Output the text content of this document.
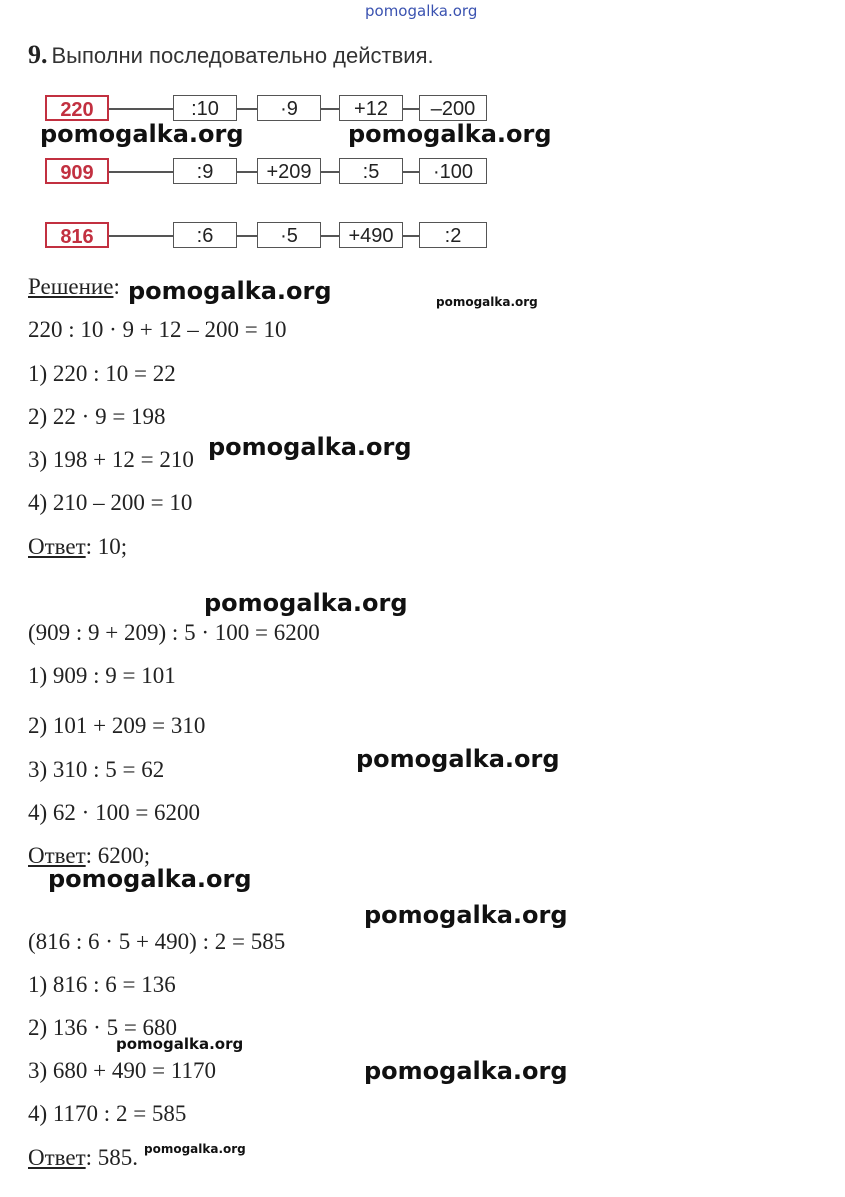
pomogalka.org
9. Выполни последовательно действия.
220	:10	·9	+12	–200
909	:9	+209	:5	·100
816	:6	·5	+490	:2
Решение:
220 : 10 · 9 + 12 – 200 = 10
1) 220 : 10 = 22
2) 22 · 9 = 198
3) 198 + 12 = 210
4) 210 – 200 = 10
Ответ: 10;
(909 : 9 + 209) : 5 · 100 = 6200
1) 909 : 9 = 101
2) 101 + 209 = 310
3) 310 : 5 = 62
4) 62 · 100 = 6200
Ответ: 6200;
(816 : 6 · 5 + 490) : 2 = 585
1) 816 : 6 = 136
2) 136 · 5 = 680
3) 680 + 490 = 1170
4) 1170 : 2 = 585
Ответ: 585.
pomogalka.org	pomogalka.org
pomogalka.org
pomogalka.org
pomogalka.org
pomogalka.org
pomogalka.org
pomogalka.org
pomogalka.org
pomogalka.org
pomogalka.org
pomogalka.org
